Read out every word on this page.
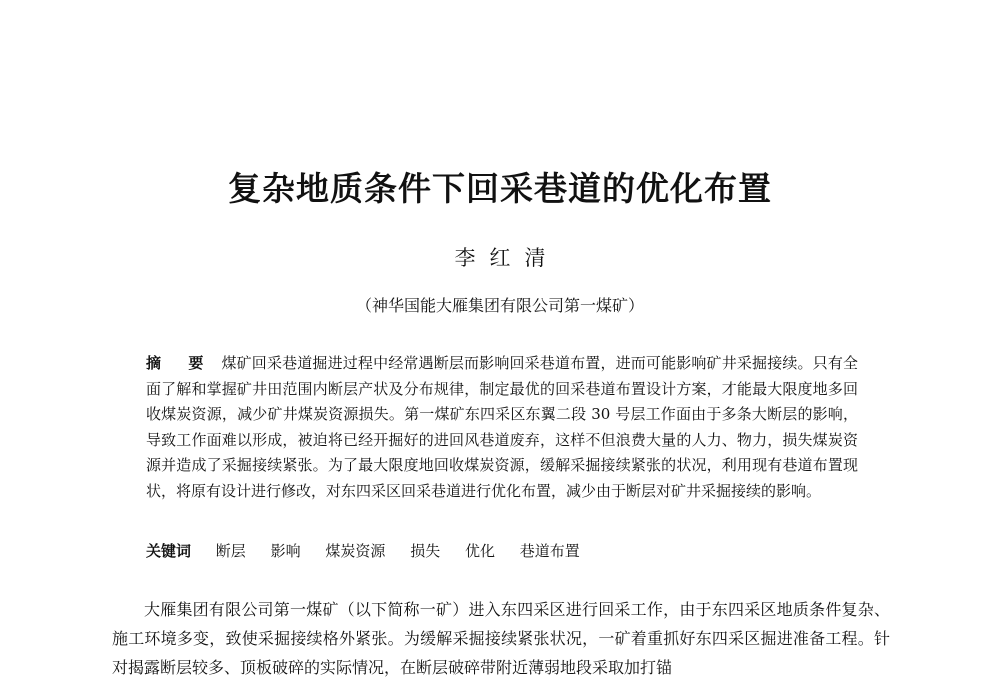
复杂地质条件下回采巷道的优化布置
李红清
（神华国能大雁集团有限公司第一煤矿）

摘　要 煤矿回采巷道掘进过程中经常遇断层而影响回采巷道布置，进而可能影响矿井采掘接续。只有全面了解和掌握矿井田范围内断层产状及分布规律，制定最优的回采巷道布置设计方案，才能最大限度地多回收煤炭资源，减少矿井煤炭资源损失。第一煤矿东四采区东翼二段 30 号层工作面由于多条大断层的影响，导致工作面难以形成，被迫将已经开掘好的进回风巷道废弃，这样不但浪费大量的人力、物力，损失煤炭资源并造成了采掘接续紧张。为了最大限度地回收煤炭资源，缓解采掘接续紧张的状况，利用现有巷道布置现状，将原有设计进行修改，对东四采区回采巷道进行优化布置，减少由于断层对矿井采掘接续的影响。

关键词 断层 影响 煤炭资源 损失 优化 巷道布置

大雁集团有限公司第一煤矿（以下简称一矿）进入东四采区进行回采工作，由于东四采区地质条件复杂、施工环境多变，致使采掘接续格外紧张。为缓解采掘接续紧张状况，一矿着重抓好东四采区掘进准备工程。针对揭露断层较多、顶板破碎的实际情况，在断层破碎带附近薄弱地段采取加打锚
